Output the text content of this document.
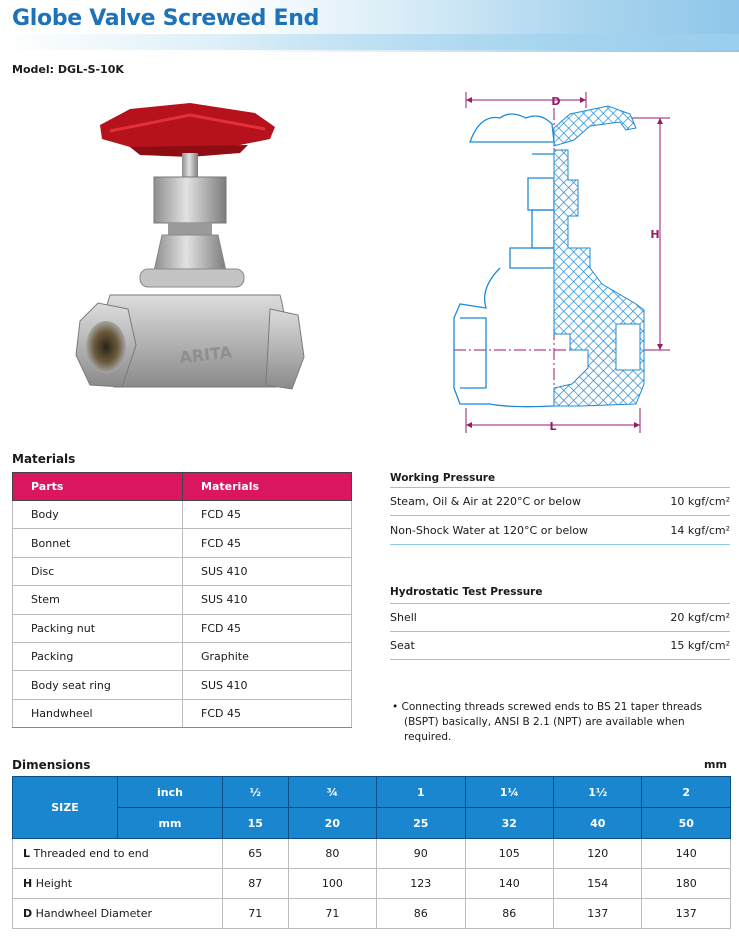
Globe Valve Screwed End
Model: DGL-S-10K
ARITA
D
H
L
Materials
Parts	Materials
Body	FCD 45
Bonnet	FCD 45
Disc	SUS 410
Stem	SUS 410
Packing nut	FCD 45
Packing	Graphite
Body seat ring	SUS 410
Handwheel	FCD 45
Working Pressure
Steam, Oil & Air at 220°C or below	10 kgf/cm²
Non-Shock Water at 120°C or below	14 kgf/cm²
Hydrostatic Test Pressure
Shell	20 kgf/cm²
Seat	15 kgf/cm²
• Connecting threads screwed ends to BS 21 taper threads (BSPT) basically, ANSI B 2.1 (NPT) are available when required.
Dimensions	mm
SIZE	inch	½	¾	1	1¼	1½	2
	mm	15	20	25	32	40	50
L Threaded end to end		65	80	90	105	120	140
H Height		87	100	123	140	154	180
D Handwheel Diameter		71	71	86	86	137	137
